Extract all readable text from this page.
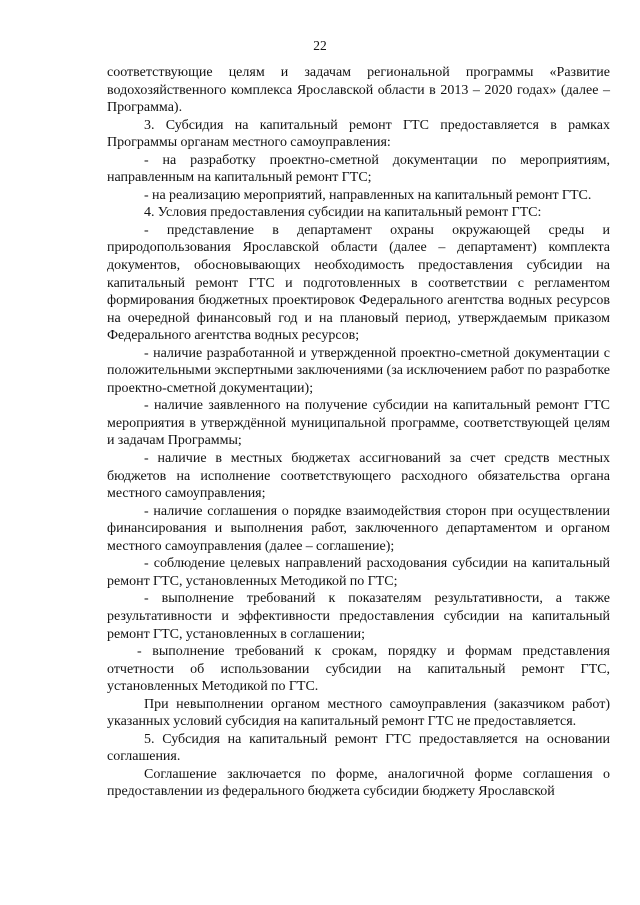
22

соответствующие целям и задачам региональной программы «Развитие водохозяйственного комплекса Ярославской области в 2013 – 2020 годах» (далее – Программа).

3. Субсидия на капитальный ремонт ГТС предоставляется в рамках Программы органам местного самоуправления:

- на разработку проектно-сметной документации по мероприятиям, направленным на капитальный ремонт ГТС;

- на реализацию мероприятий, направленных на капитальный ремонт ГТС.

4. Условия предоставления субсидии на капитальный ремонт ГТС:

- представление в департамент охраны окружающей среды и природопользования Ярославской области (далее – департамент) комплекта документов, обосновывающих необходимость предоставления субсидии на капитальный ремонт ГТС и подготовленных в соответствии с регламентом формирования бюджетных проектировок Федерального агентства водных ресурсов на очередной финансовый год и на плановый период, утверждаемым приказом Федерального агентства водных ресурсов;

- наличие разработанной и утвержденной проектно-сметной документации с положительными экспертными заключениями (за исключением работ по разработке проектно-сметной документации);

- наличие заявленного на получение субсидии на капитальный ремонт ГТС мероприятия в утверждённой муниципальной программе, соответствующей целям и задачам Программы;

- наличие в местных бюджетах ассигнований за счет средств местных бюджетов на исполнение соответствующего расходного обязательства органа местного самоуправления;

- наличие соглашения о порядке взаимодействия сторон при осуществлении финансирования и выполнения работ, заключенного департаментом и органом местного самоуправления (далее – соглашение);

- соблюдение целевых направлений расходования субсидии на капитальный ремонт ГТС, установленных Методикой по ГТС;

- выполнение требований к показателям результативности, а также результативности и эффективности предоставления субсидии на капитальный ремонт ГТС, установленных в соглашении;

- выполнение требований к срокам, порядку и формам представления отчетности об использовании субсидии на капитальный ремонт ГТС, установленных Методикой по ГТС.

При невыполнении органом местного самоуправления (заказчиком работ) указанных условий субсидия на капитальный ремонт ГТС не предоставляется.

5. Субсидия на капитальный ремонт ГТС предоставляется на основании соглашения.

Соглашение заключается по форме, аналогичной форме соглашения о предоставлении из федерального бюджета субсидии бюджету Ярославской
